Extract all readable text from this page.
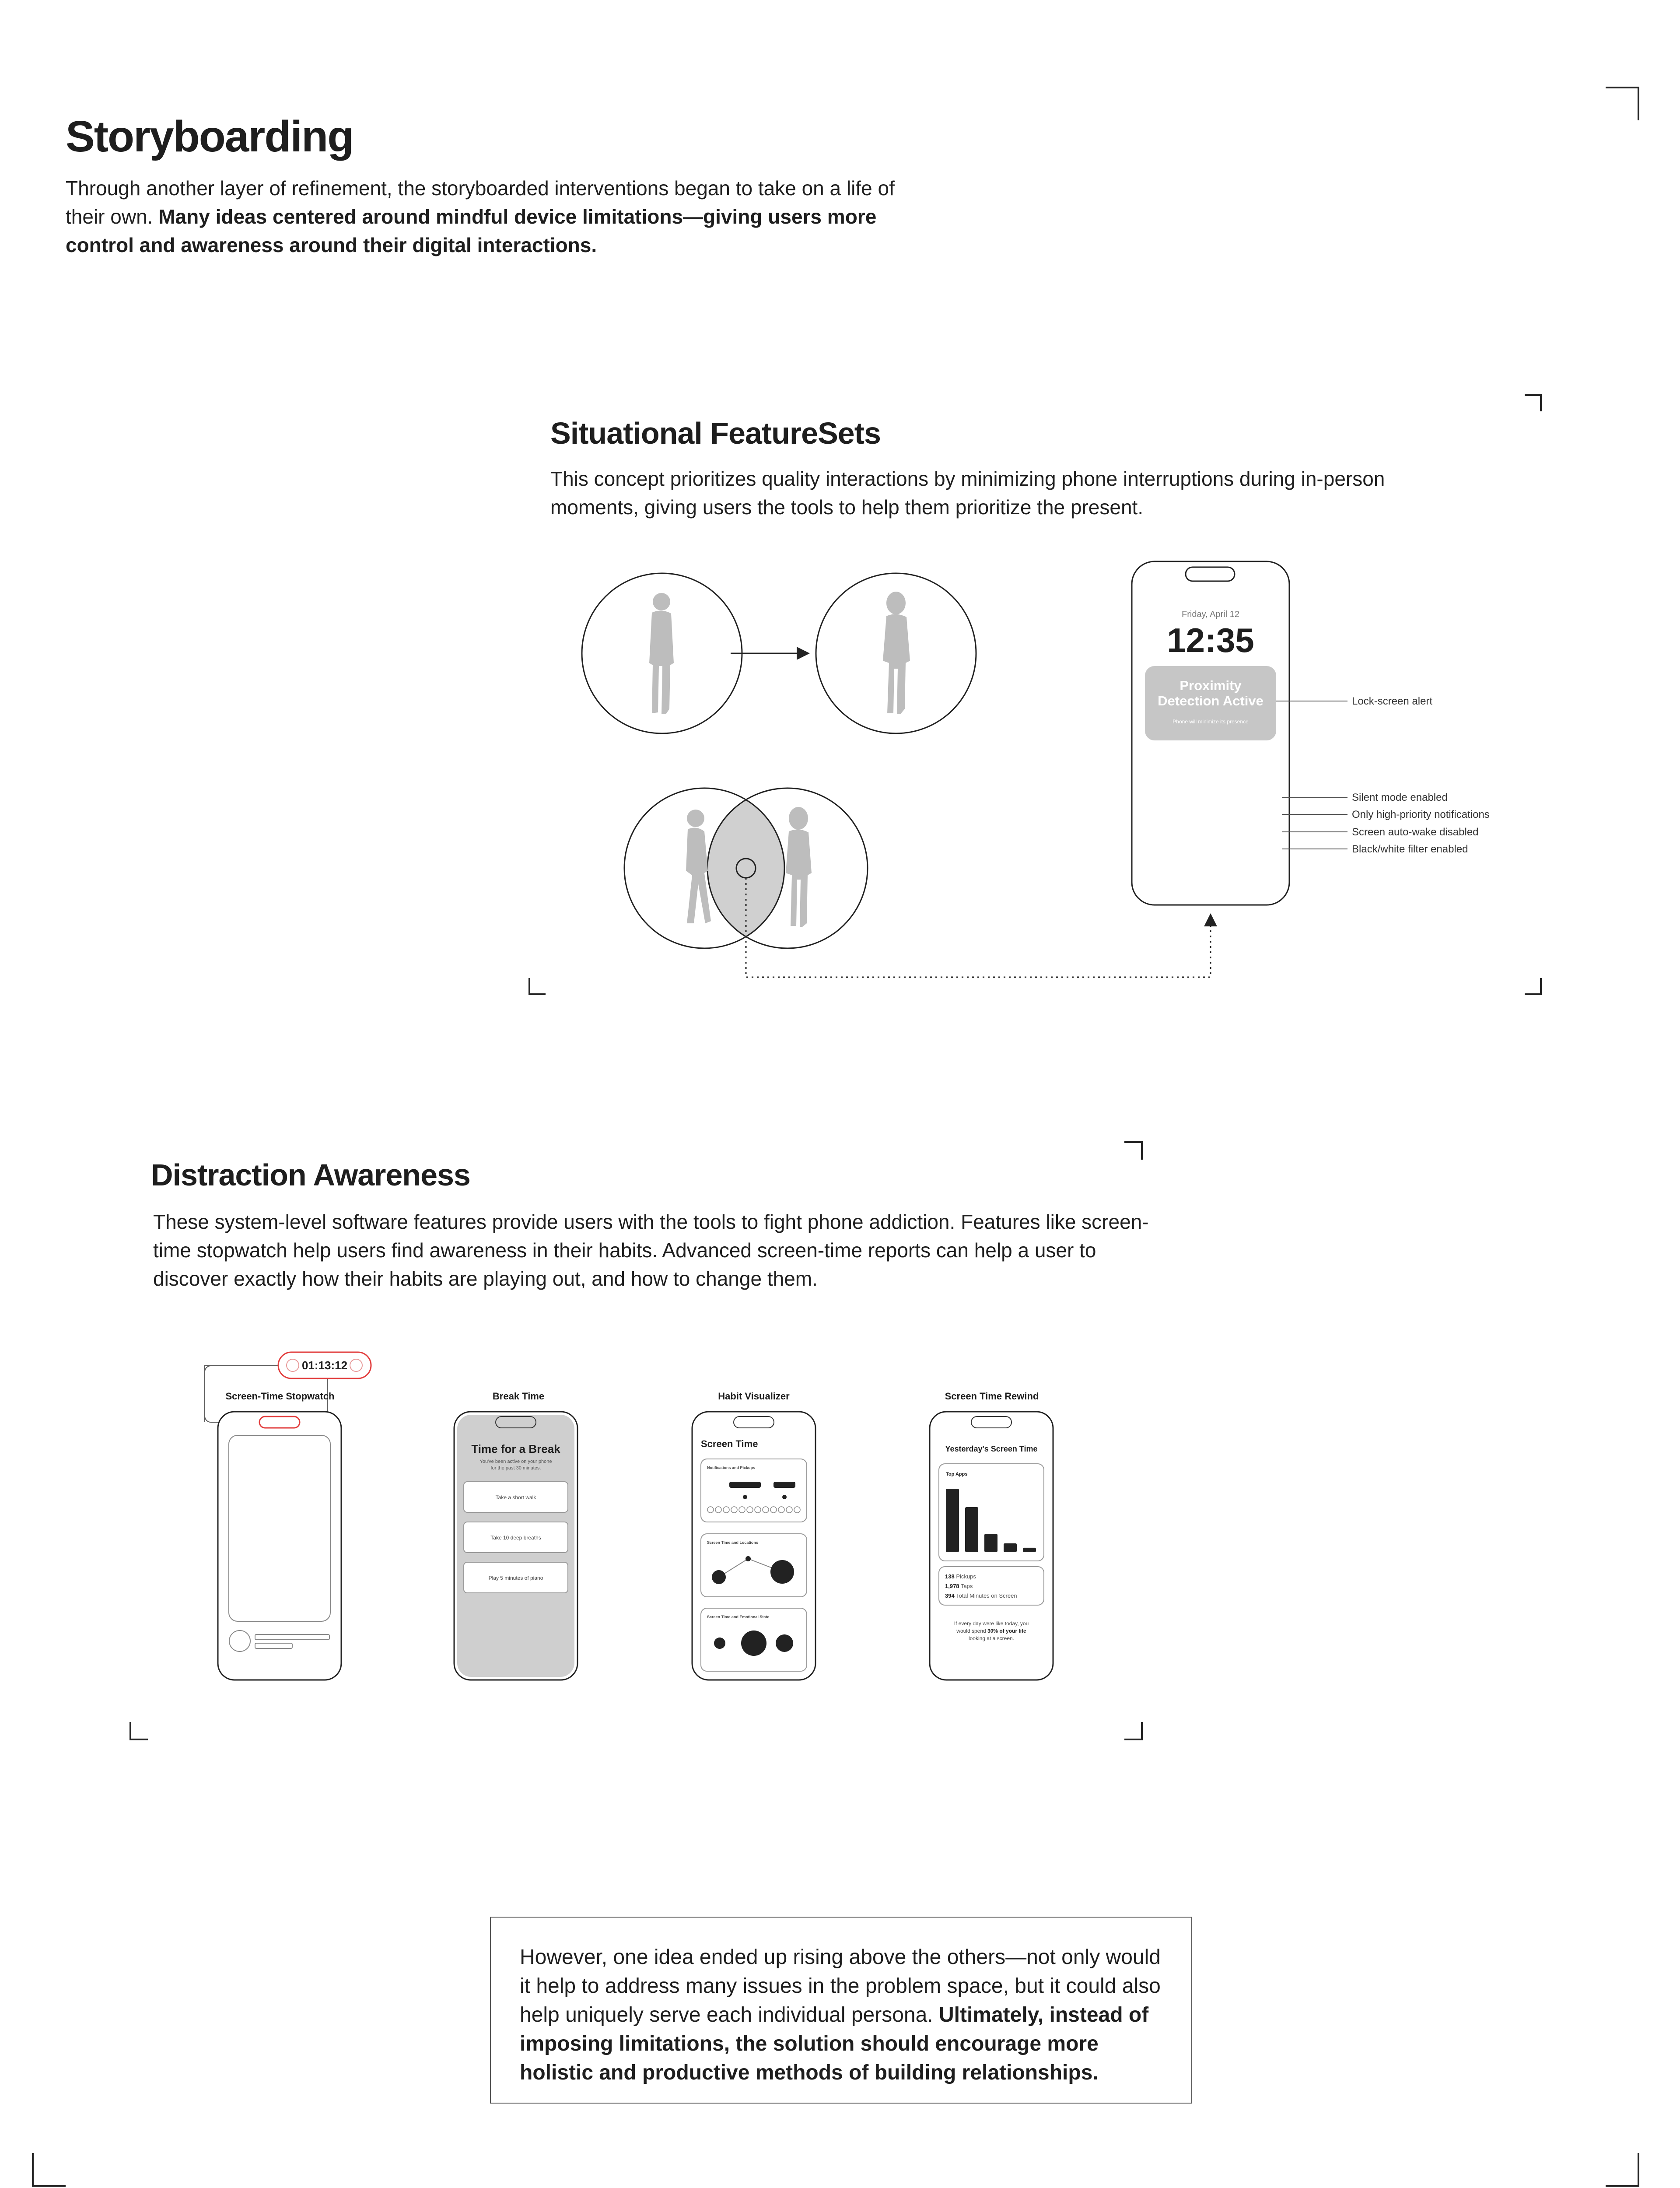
Storyboarding
Through another layer of refinement, the storyboarded interventions began to take on a life of their own. Many ideas centered around mindful device limitations—giving users more control and awareness around their digital interactions.
Situational FeatureSets
This concept prioritizes quality interactions by minimizing phone interruptions during in-person moments, giving users the tools to help them prioritize the present.
Friday, April 12
12:35
Proximity
Detection Active
Phone will minimize its presence
Lock-screen alert
Silent mode enabled
Only high-priority notifications
Screen auto-wake disabled
Black/white filter enabled
Distraction Awareness
These system-level software features provide users with the tools to fight phone addiction. Features like screen-time stopwatch help users find awareness in their habits. Advanced screen-time reports can help a user to discover exactly how their habits are playing out, and how to change them.
Screen-Time Stopwatch
01:13:12
Break Time
Time for a Break
You've been active on your phone
for the past 30 minutes.
Take a short walk
Take 10 deep breaths
Play 5 minutes of piano
Habit Visualizer
Screen Time
Notifications and Pickups
Screen Time and Locations
Screen Time and Emotional State
Screen Time Rewind
Yesterday's Screen Time
Top Apps
138 Pickups
1,978 Taps
394 Total Minutes on Screen
If every day were like today, you
would spend 30% of your life
looking at a screen.
However, one idea ended up rising above the others—not only would it help to address many issues in the problem space, but it could also help uniquely serve each individual persona. Ultimately, instead of imposing limitations, the solution should encourage more holistic and productive methods of building relationships.
